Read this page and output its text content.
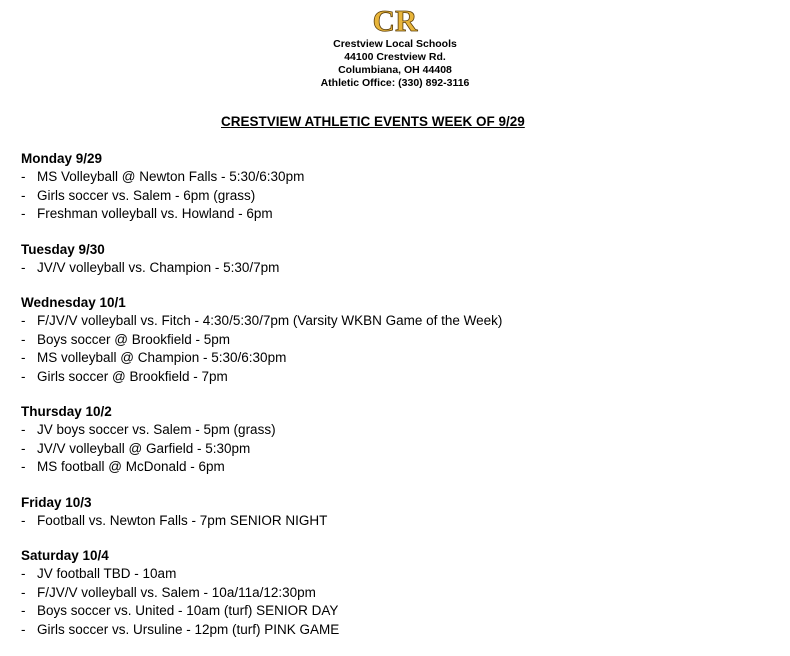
CR
Crestview Local Schools
44100 Crestview Rd.
Columbiana, OH 44408
Athletic Office: (330) 892-3116
CRESTVIEW ATHLETIC EVENTS WEEK OF 9/29
Monday 9/29
- MS Volleyball @ Newton Falls - 5:30/6:30pm
- Girls soccer vs. Salem - 6pm (grass)
- Freshman volleyball vs. Howland - 6pm
Tuesday 9/30
- JV/V volleyball vs. Champion - 5:30/7pm
Wednesday 10/1
- F/JV/V volleyball vs. Fitch - 4:30/5:30/7pm (Varsity WKBN Game of the Week)
- Boys soccer @ Brookfield - 5pm
- MS volleyball @ Champion - 5:30/6:30pm
- Girls soccer @ Brookfield - 7pm
Thursday 10/2
- JV boys soccer vs. Salem - 5pm (grass)
- JV/V volleyball @ Garfield - 5:30pm
- MS football @ McDonald - 6pm
Friday 10/3
- Football vs. Newton Falls - 7pm SENIOR NIGHT
Saturday 10/4
- JV football TBD - 10am
- F/JV/V volleyball vs. Salem - 10a/11a/12:30pm
- Boys soccer vs. United - 10am (turf) SENIOR DAY
- Girls soccer vs. Ursuline - 12pm (turf) PINK GAME
